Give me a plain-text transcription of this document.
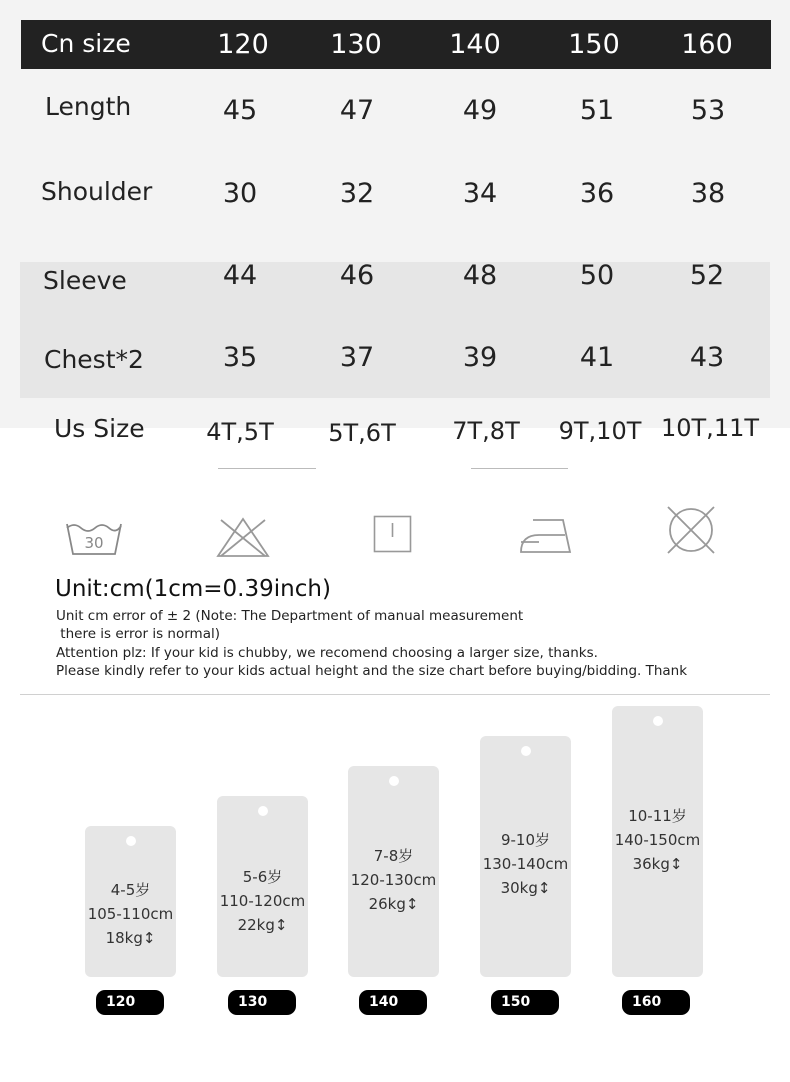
Cn size	120 130 140 150 160
Length	45	47	49	51	53
Shoulder	30	32	34	36	38
Sleeve	44	46	48	50	52
Chest*2	35	37	39	41	43
Us Size	4T,5T 5T,6T 7T,8T 9T,10T 10T,11T
30
Unit:cm(1cm=0.39inch)
Unit cm error of ± 2 (Note: The Department of manual measurement
there is error is normal)
Attention plz: If your kid is chubby, we recomend choosing a larger size, thanks.
Please kindly refer to your kids actual height and the size chart before buying/bidding. Thank
4-5岁
105-110cm
18kg↕
5-6岁
110-120cm
22kg↕
7-8岁
120-130cm
26kg↕
9-10岁
130-140cm
30kg↕
10-11岁
140-150cm
36kg↕
120	130	140	150	160
